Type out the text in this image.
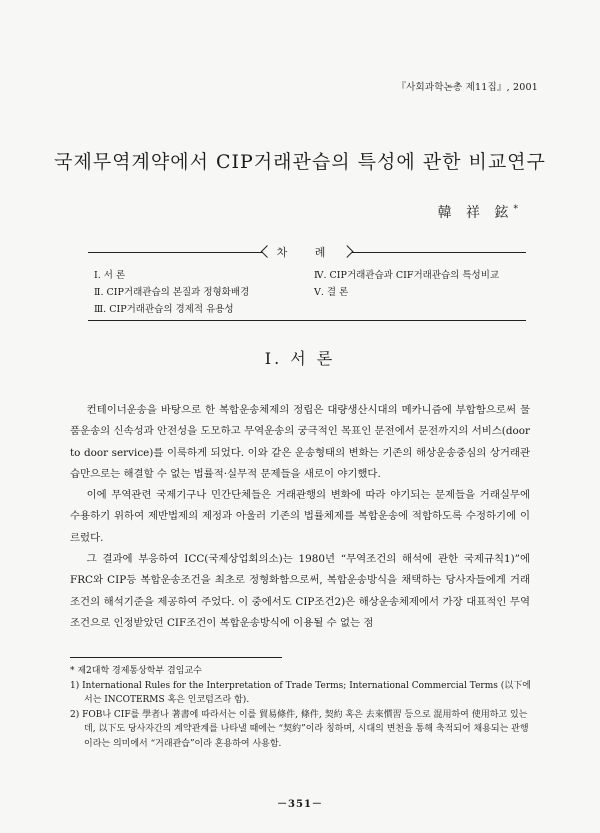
『사회과학논총 제11집』, 2001
국제무역계약에서 CIP거래관습의 특성에 관한 비교연구
韓 祥 鉉*
차 례
Ⅰ. 서 론
Ⅱ. CIP거래관습의 본질과 정형화배경
Ⅲ. CIP거래관습의 경제적 유용성
Ⅳ. CIP거래관습과 CIF거래관습의 특성비교
Ⅴ. 결 론
Ⅰ. 서 론

컨테이너운송을 바탕으로 한 복합운송체제의 정립은 대량생산시대의 메카니즘에 부합함으로써 물품운송의 신속성과 안전성을 도모하고 무역운송의 궁극적인 목표인 문전에서 문전까지의 서비스(door to door service)를 이룩하게 되었다. 이와 같은 운송형태의 변화는 기존의 해상운송중심의 상거래관습만으로는 해결할 수 없는 법률적·실무적 문제들을 새로이 야기했다.

이에 무역관련 국제기구나 민간단체들은 거래관행의 변화에 따라 야기되는 문제들을 거래실무에 수용하기 위하여 제반법제의 제정과 아울러 기존의 법률체제를 복합운송에 적합하도록 수정하기에 이르렀다.

그 결과에 부응하여 ICC(국제상업회의소)는 1980년 “무역조건의 해석에 관한 국제규칙1)”에 FRC와 CIP등 복합운송조건을 최초로 정형화함으로써, 복합운송방식을 채택하는 당사자들에게 거래조건의 해석기준을 제공하여 주었다. 이 중에서도 CIP조건2)은 해상운송체제에서 가장 대표적인 무역조건으로 인정받았던 CIF조건이 복합운송방식에 이용될 수 없는 점

* 제2대학 경제통상학부 겸임교수

1) International Rules for the Interpretation of Trade Terms; International Commercial Terms (以下에서는 INCOTERMS 혹은 인코텀즈라 함).

2) FOB나 CIF를 學者나 著書에 따라서는 이를 貿易條件, 條件, 契約 혹은 去來慣習 등으로 混用하여 使用하고 있는데, 以下도 당사자간의 계약관계를 나타낼 때에는 “契約”이라 칭하며, 시대의 변천을 통해 축적되어 채용되는 관행이라는 의미에서 “거래관습”이라 혼용하여 사용함.

－351－
